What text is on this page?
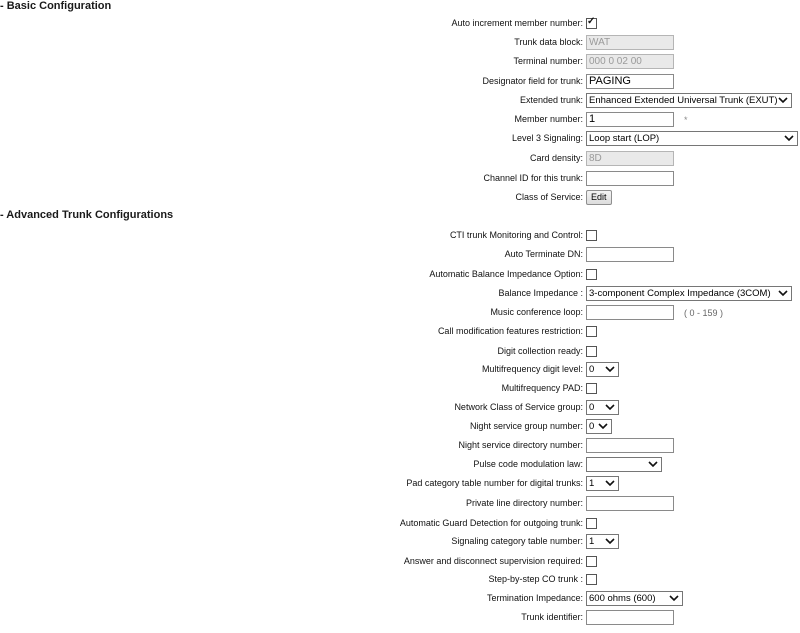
- Basic Configuration
Auto increment member number:
✓
Trunk data block: WAT
Terminal number: 000 0 02 00
Designator field for trunk: PAGING
Extended trunk: Enhanced Extended Universal Trunk (EXUT)
Member number: 1	*
Level 3 Signaling: Loop start (LOP)
Card density: 8D
Channel ID for this trunk:
Class of Service: Edit
- Advanced Trunk Configurations
CTI trunk Monitoring and Control:
Auto Terminate DN:
Automatic Balance Impedance Option:
Balance Impedance : 3-component Complex Impedance (3COM)
Music conference loop:	( 0 - 159 )
Call modification features restriction:
Digit collection ready:
Multifrequency digit level: 0
Multifrequency PAD:
Network Class of Service group: 0
Night service group number: 0
Night service directory number:
Pulse code modulation law:
Pad category table number for digital trunks: 1
Private line directory number:
Automatic Guard Detection for outgoing trunk:
Signaling category table number: 1
Answer and disconnect supervision required:
Step-by-step CO trunk :
Termination Impedance: 600 ohms (600)
Trunk identifier:
